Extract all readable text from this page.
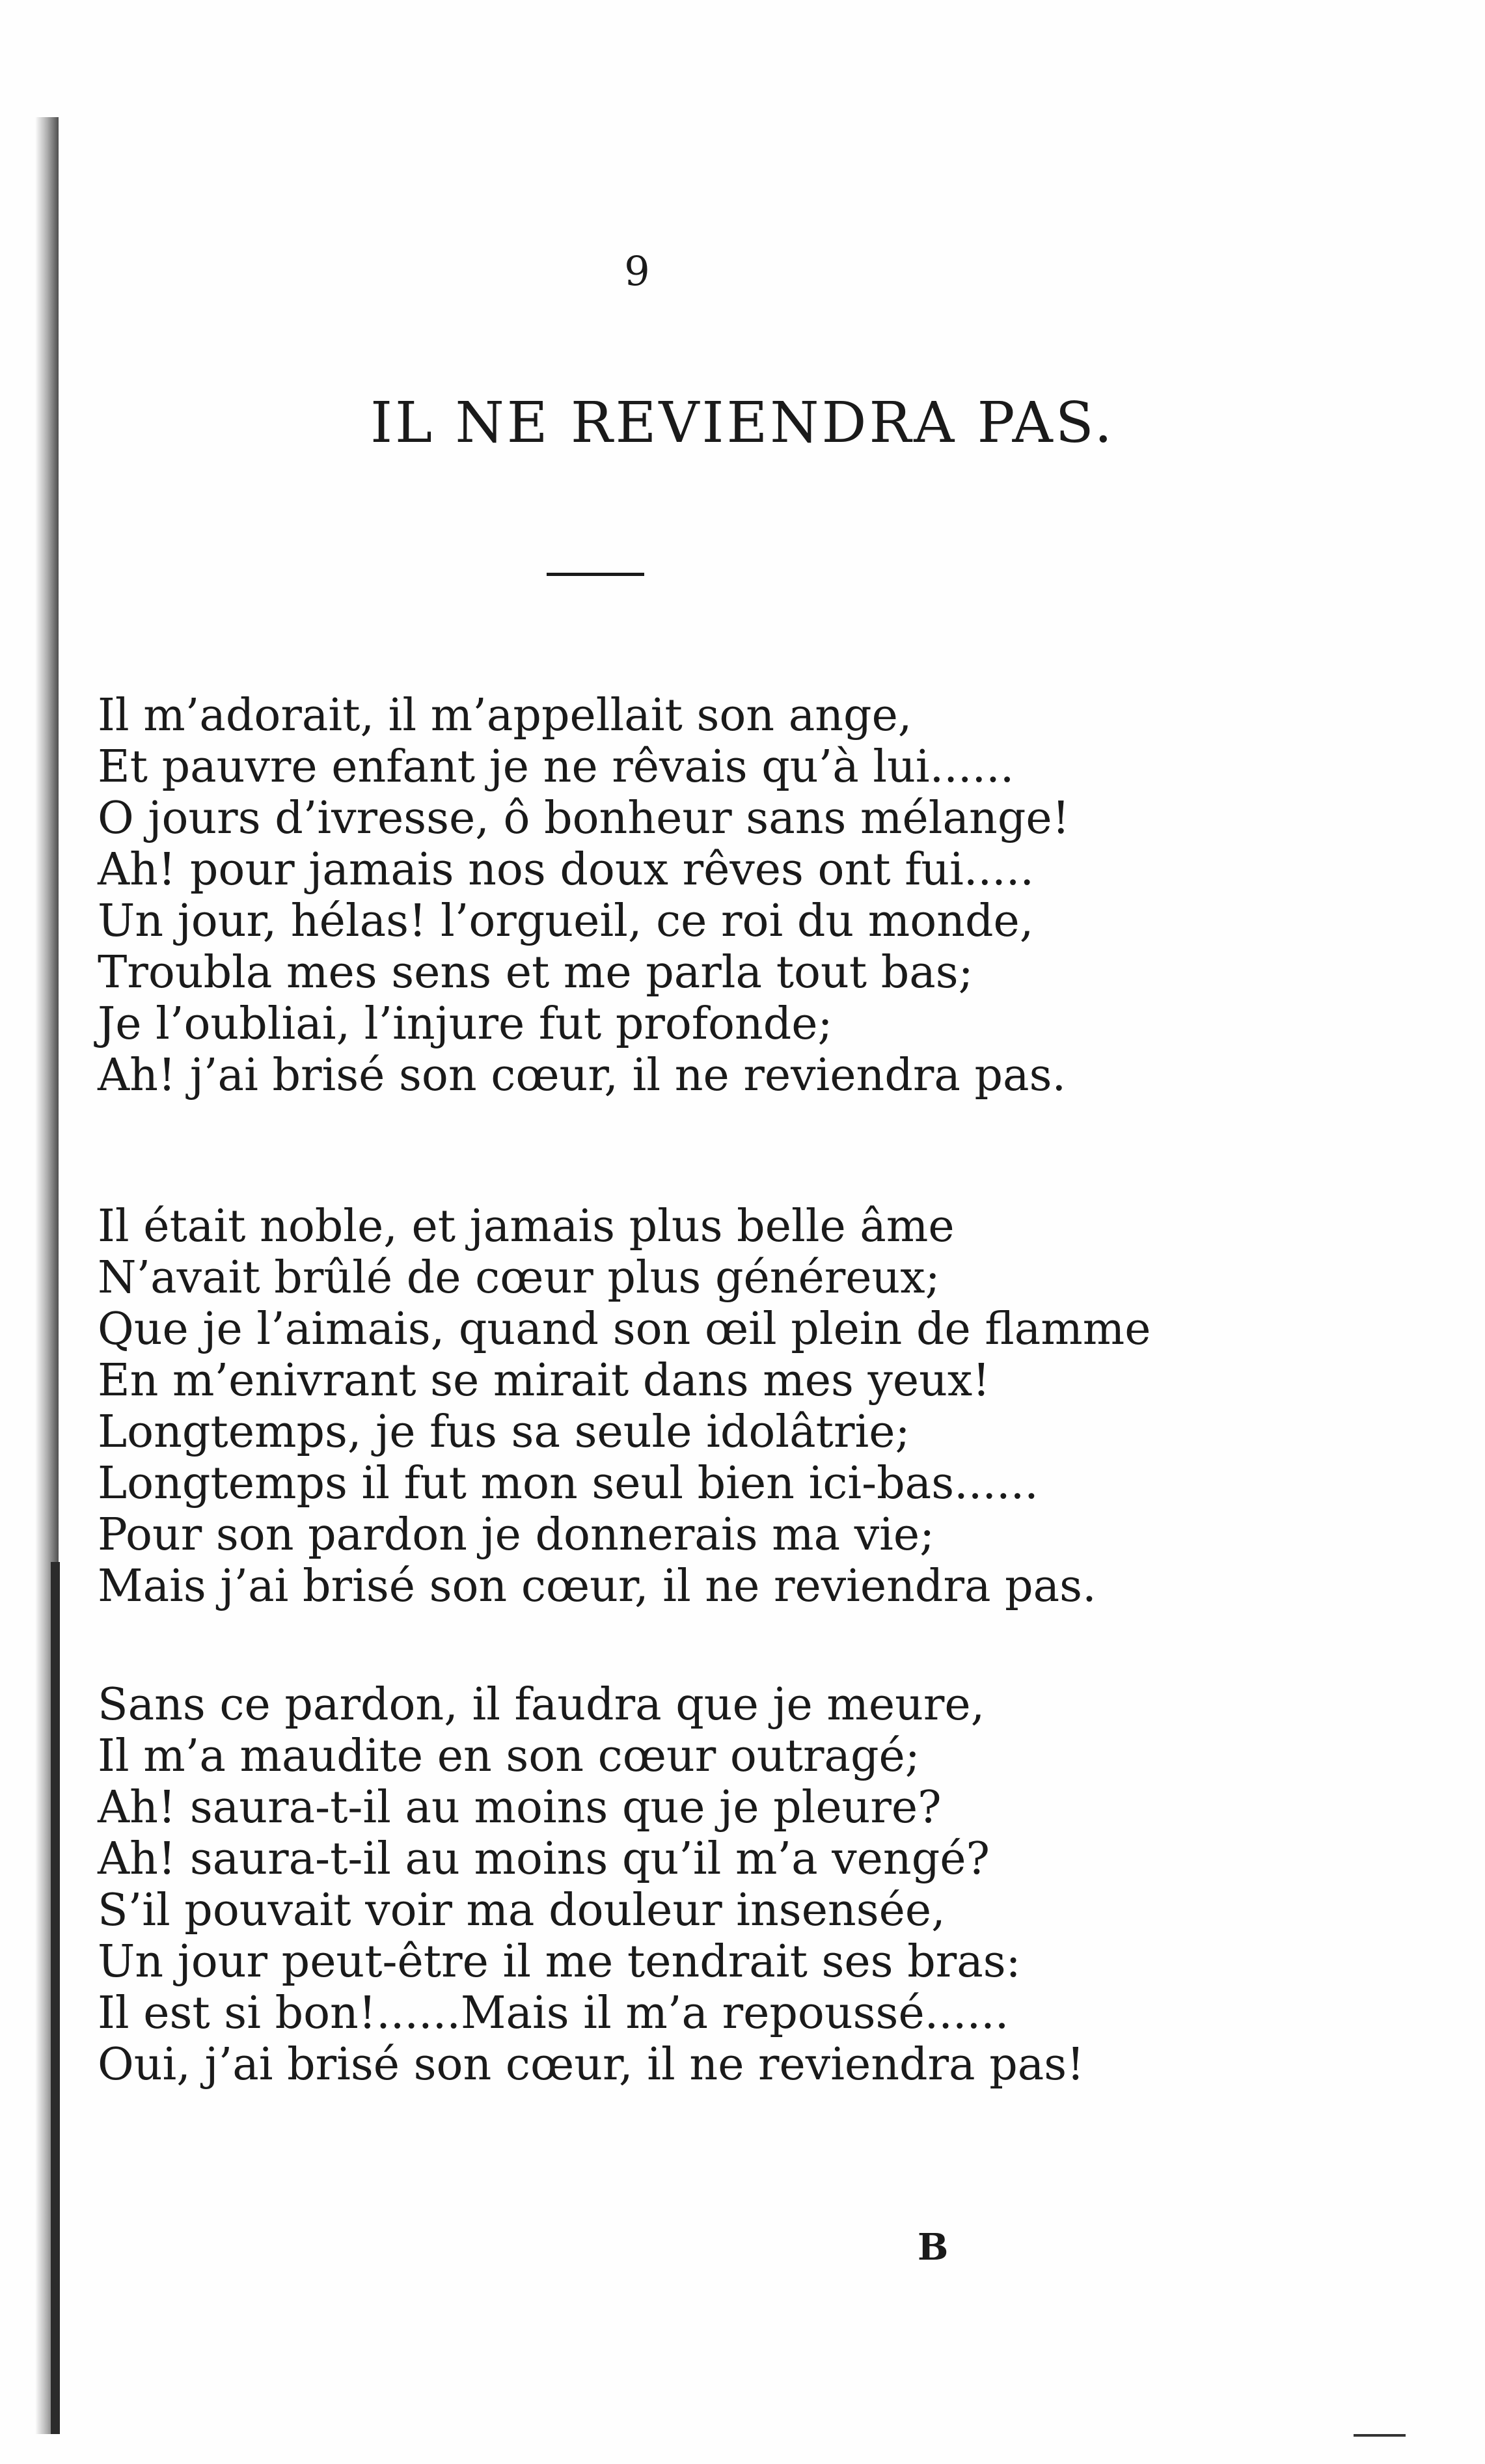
9
IL NE REVIENDRA PAS.
Il m’adorait, il m’appellait son ange,
Et pauvre enfant je ne rêvais qu’à lui......
O jours d’ivresse, ô bonheur sans mélange!
Ah! pour jamais nos doux rêves ont fui.....
Un jour, hélas! l’orgueil, ce roi du monde,
Troubla mes sens et me parla tout bas;
Je l’oubliai, l’injure fut profonde;
Ah! j’ai brisé son cœur, il ne reviendra pas.
Il était noble, et jamais plus belle âme
N’avait brûlé de cœur plus généreux;
Que je l’aimais, quand son œil plein de flamme
En m’enivrant se mirait dans mes yeux!
Longtemps, je fus sa seule idolâtrie;
Longtemps il fut mon seul bien ici-bas......
Pour son pardon je donnerais ma vie;
Mais j’ai brisé son cœur, il ne reviendra pas.
Sans ce pardon, il faudra que je meure,
Il m’a maudite en son cœur outragé;
Ah! saura-t-il au moins que je pleure?
Ah! saura-t-il au moins qu’il m’a vengé?
S’il pouvait voir ma douleur insensée,
Un jour peut-être il me tendrait ses bras:
Il est si bon!......Mais il m’a repoussé......
Oui, j’ai brisé son cœur, il ne reviendra pas!
B
